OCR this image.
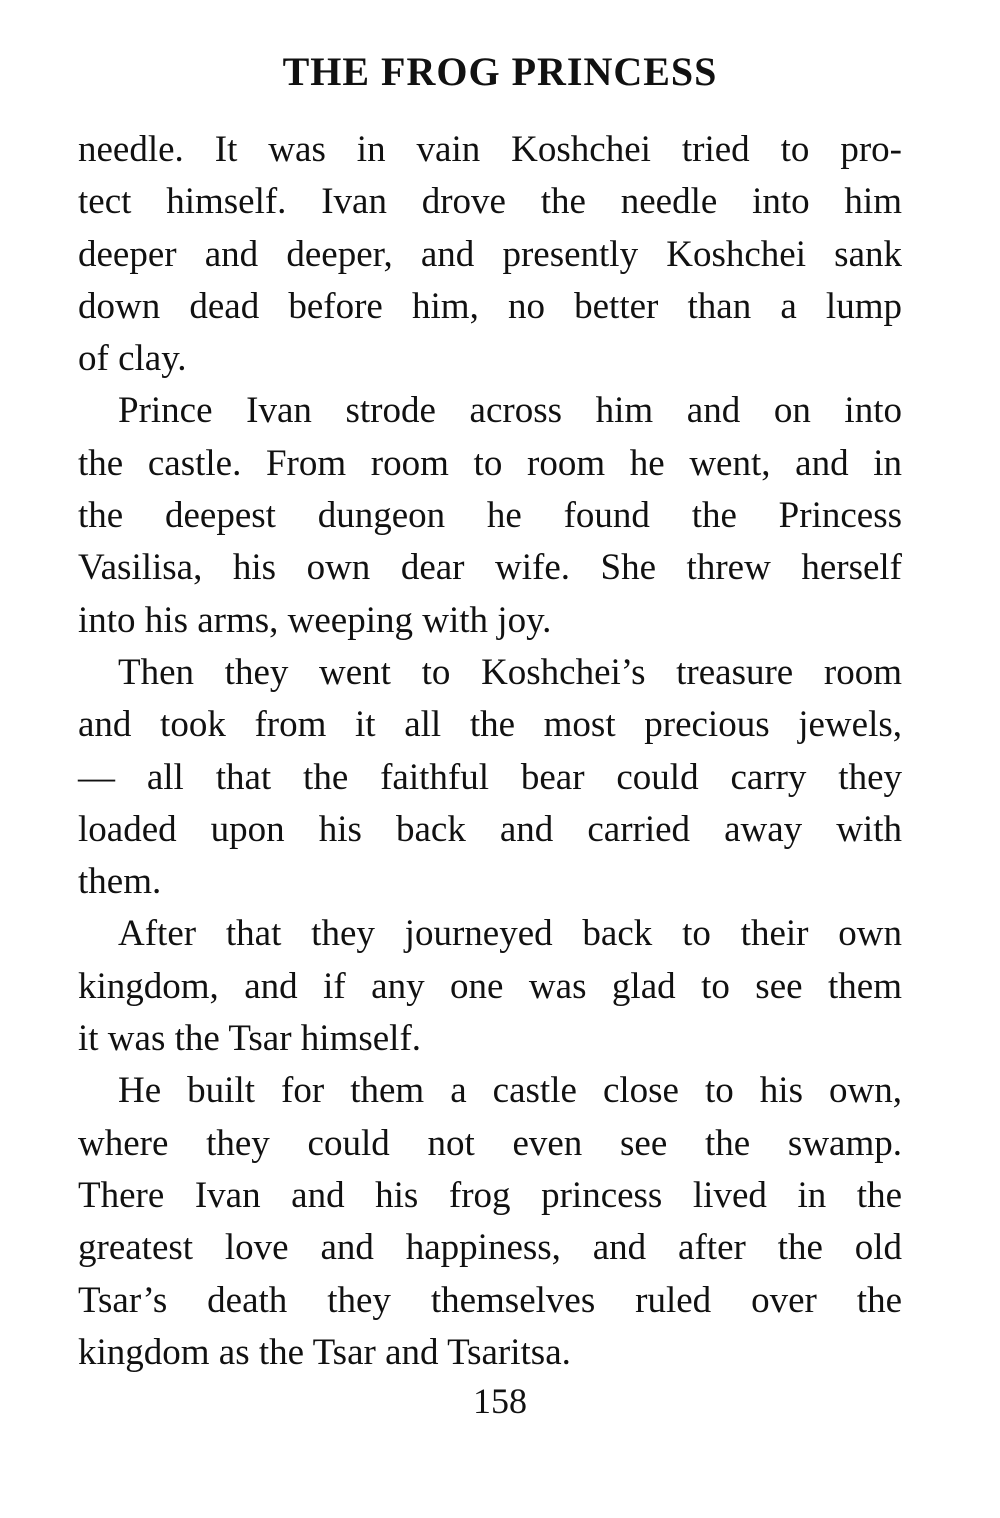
THE FROG PRINCESS
needle. It was in vain Koshchei tried to pro-
tect himself. Ivan drove the needle into him
deeper and deeper, and presently Koshchei sank
down dead before him, no better than a lump
of clay.
Prince Ivan strode across him and on into
the castle. From room to room he went, and in
the deepest dungeon he found the Princess
Vasilisa, his own dear wife. She threw herself
into his arms, weeping with joy.
Then they went to Koshchei’s treasure room
and took from it all the most precious jewels,
— all that the faithful bear could carry they
loaded upon his back and carried away with
them.
After that they journeyed back to their own
kingdom, and if any one was glad to see them
it was the Tsar himself.
He built for them a castle close to his own,
where they could not even see the swamp.
There Ivan and his frog princess lived in the
greatest love and happiness, and after the old
Tsar’s death they themselves ruled over the
kingdom as the Tsar and Tsaritsa.

158
